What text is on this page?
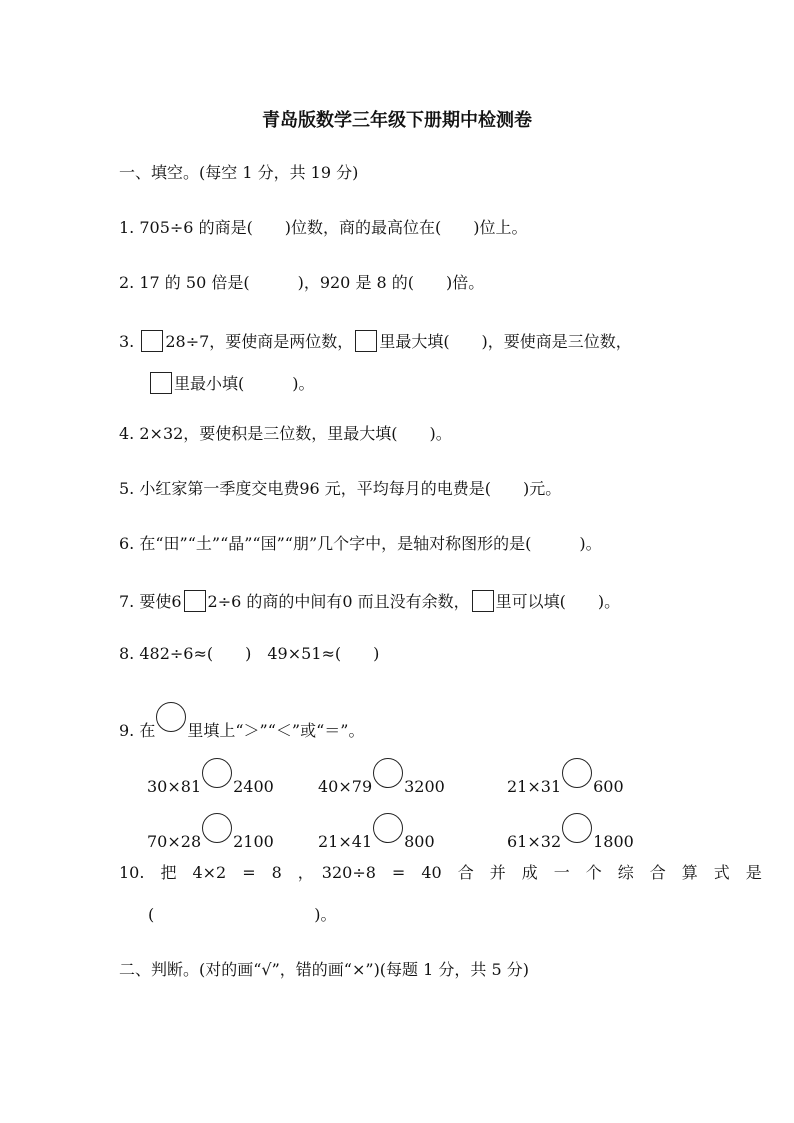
青岛版数学三年级下册期中检测卷
一、填空。(每空 1 分，共 19 分)
1. 705÷6 的商是(　　)位数，商的最高位在(　　)位上。
2. 17 的 50 倍是(　　　)，920 是 8 的(　　)倍。
3. 28÷7，要使商是两位数， 里最大填(　　)，要使商是三位数，
里最小填(　　　)。
4. 2×32，要使积是三位数，里最大填(　　)。
5. 小红家第一季度交电费96 元，平均每月的电费是(　　)元。
6. 在“田”“土”“晶”“国”“朋”几个字中，是轴对称图形的是(　　　)。
7. 要使6 2÷6 的商的中间有0 而且没有余数， 里可以填(　　)。
8. 482÷6≈(　　)　49×51≈(　　)
9. 在 里填上“＞”“＜”或“＝”。
30×81 2400	40×79 3200	21×31 600
70×28 2100	21×41 800	61×32 1800
10.　把　4×2　=　8　，　320÷8　=　40　合　并　成　一　个　综　合　算　式　是
(　　　　　　　　　　)。
二、判断。(对的画“√”，错的画“×”)(每题 1 分，共 5 分)
